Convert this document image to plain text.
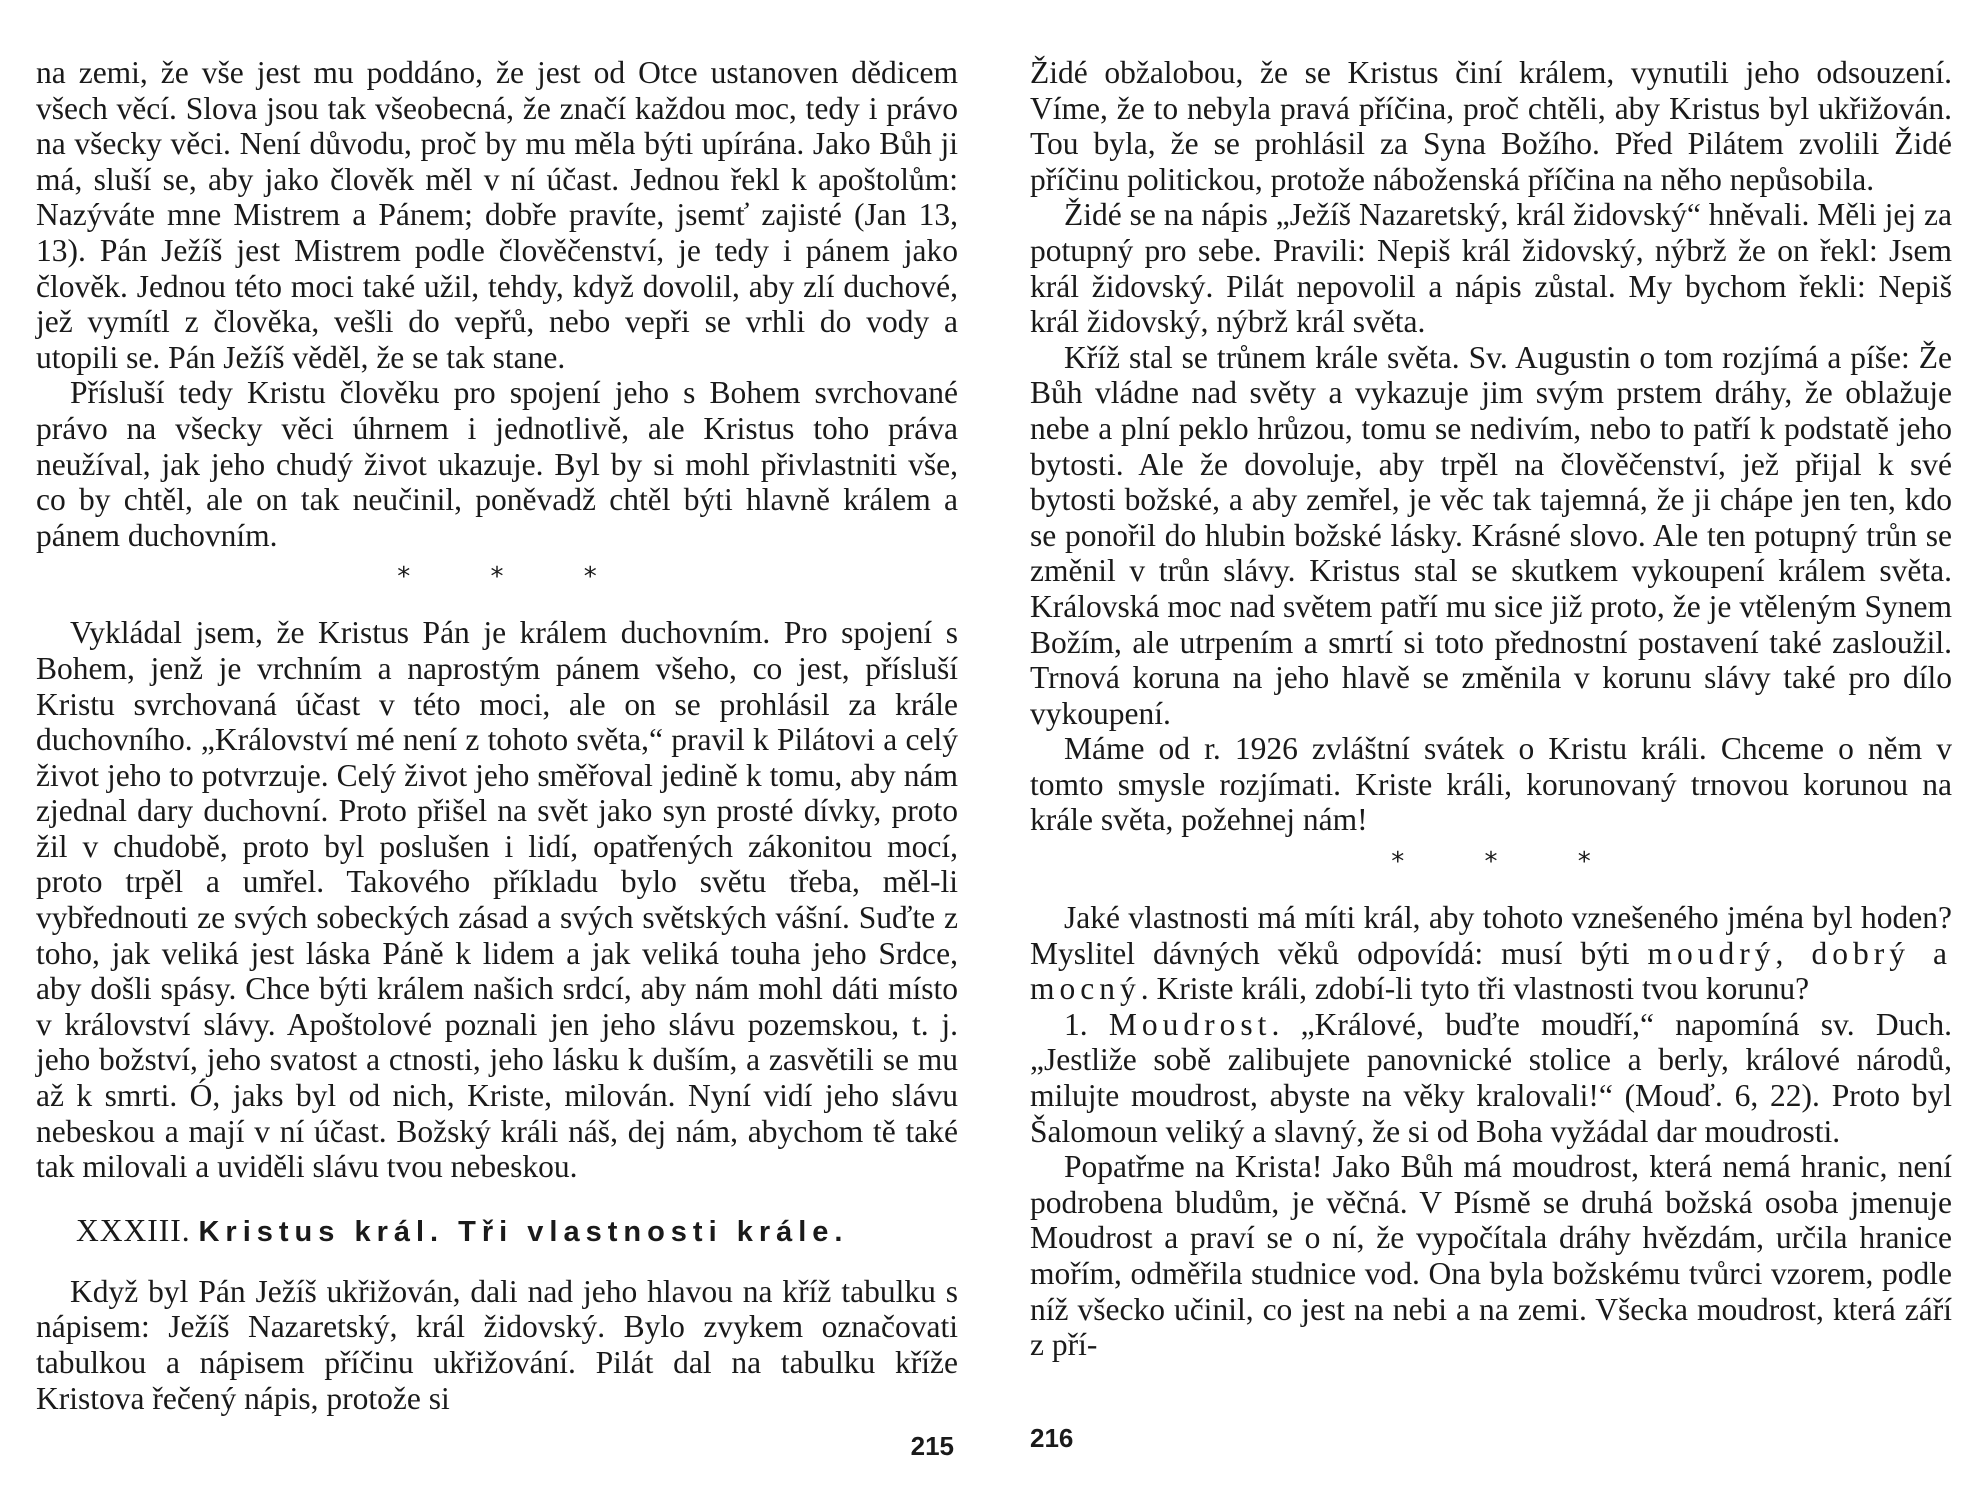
na zemi, že vše jest mu poddáno, že jest od Otce ustanoven dědicem všech věcí. Slova jsou tak všeobecná, že značí každou moc, tedy i právo na všecky věci. Není důvodu, proč by mu měla býti upírána. Jako Bůh ji má, sluší se, aby jako člověk měl v ní účast. Jednou řekl k apoštolům: Nazýváte mne Mistrem a Pánem; dobře pravíte, jsemť zajisté (Jan 13, 13). Pán Ježíš jest Mistrem podle člověčenství, je tedy i pánem jako člověk. Jednou této moci také užil, tehdy, když dovolil, aby zlí duchové, jež vymítl z člověka, vešli do vepřů, nebo vepři se vrhli do vody a utopili se. Pán Ježíš věděl, že se tak stane.

Přísluší tedy Kristu člověku pro spojení jeho s Bohem svrchované právo na všecky věci úhrnem i jednotlivě, ale Kristus toho práva neužíval, jak jeho chudý život ukazuje. Byl by si mohl přivlastniti vše, co by chtěl, ale on tak neučinil, poněvadž chtěl býti hlavně králem a pánem duchovním.

* * *

Vykládal jsem, že Kristus Pán je králem duchovním. Pro spojení s Bohem, jenž je vrchním a naprostým pánem všeho, co jest, přísluší Kristu svrchovaná účast v této moci, ale on se prohlásil za krále duchovního. „Království mé není z tohoto světa,“ pravil k Pilátovi a celý život jeho to potvrzuje. Celý život jeho směřoval jedině k tomu, aby nám zjednal dary duchovní. Proto přišel na svět jako syn prosté dívky, proto žil v chudobě, proto byl poslušen i lidí, opatřených zákonitou mocí, proto trpěl a umřel. Takového příkladu bylo světu třeba, měl-li vybřednouti ze svých sobeckých zásad a svých světských vášní. Suďte z toho, jak veliká jest láska Páně k lidem a jak veliká touha jeho Srdce, aby došli spásy. Chce býti králem našich srdcí, aby nám mohl dáti místo v království slávy. Apoštolové poznali jen jeho slávu pozemskou, t. j. jeho božství, jeho svatost a ctnosti, jeho lásku k duším, a zasvětili se mu až k smrti. Ó, jaks byl od nich, Kriste, milován. Nyní vidí jeho slávu nebeskou a mají v ní účast. Božský králi náš, dej nám, abychom tě také tak milovali a uviděli slávu tvou nebeskou.

XXXIII. Kristus král. Tři vlastnosti krále.

Když byl Pán Ježíš ukřižován, dali nad jeho hlavou na kříž tabulku s nápisem: Ježíš Nazaretský, král židovský. Bylo zvykem označovati tabulkou a nápisem příčinu ukřižování. Pilát dal na tabulku kříže Kristova řečený nápis, protože si

215

Židé obžalobou, že se Kristus činí králem, vynutili jeho odsouzení. Víme, že to nebyla pravá příčina, proč chtěli, aby Kristus byl ukřižován. Tou byla, že se prohlásil za Syna Božího. Před Pilátem zvolili Židé příčinu politickou, protože náboženská příčina na něho nepůsobila.

Židé se na nápis „Ježíš Nazaretský, král židovský“ hněvali. Měli jej za potupný pro sebe. Pravili: Nepiš král židovský, nýbrž že on řekl: Jsem král židovský. Pilát nepovolil a nápis zůstal. My bychom řekli: Nepiš král židovský, nýbrž král světa.

Kříž stal se trůnem krále světa. Sv. Augustin o tom rozjímá a píše: Že Bůh vládne nad světy a vykazuje jim svým prstem dráhy, že oblažuje nebe a plní peklo hrůzou, tomu se nedivím, nebo to patří k podstatě jeho bytosti. Ale že dovoluje, aby trpěl na člověčenství, jež přijal k své bytosti božské, a aby zemřel, je věc tak tajemná, že ji chápe jen ten, kdo se ponořil do hlubin božské lásky. Krásné slovo. Ale ten potupný trůn se změnil v trůn slávy. Kristus stal se skutkem vykoupení králem světa. Královská moc nad světem patří mu sice již proto, že je vtěleným Synem Božím, ale utrpením a smrtí si toto přednostní postavení také zasloužil. Trnová koruna na jeho hlavě se změnila v korunu slávy také pro dílo vykoupení.

Máme od r. 1926 zvláštní svátek o Kristu králi. Chceme o něm v tomto smysle rozjímati. Kriste králi, korunovaný trnovou korunou na krále světa, požehnej nám!

* * *

Jaké vlastnosti má míti král, aby tohoto vznešeného jména byl hoden? Myslitel dávných věků odpovídá: musí býti moudrý, dobrý a mocný. Kriste králi, zdobí-li tyto tři vlastnosti tvou korunu?

1. Moudrost. „Králové, buďte moudří,“ napomíná sv. Duch. „Jestliže sobě zalibujete panovnické stolice a berly, králové národů, milujte moudrost, abyste na věky kralovali!“ (Mouď. 6, 22). Proto byl Šalomoun veliký a slavný, že si od Boha vyžádal dar moudrosti.

Popatřme na Krista! Jako Bůh má moudrost, která nemá hranic, není podrobena bludům, je věčná. V Písmě se druhá božská osoba jmenuje Moudrost a praví se o ní, že vypočítala dráhy hvězdám, určila hranice mořím, odměřila studnice vod. Ona byla božskému tvůrci vzorem, podle níž všecko učinil, co jest na nebi a na zemi. Všecka moudrost, která září z pří-

216
